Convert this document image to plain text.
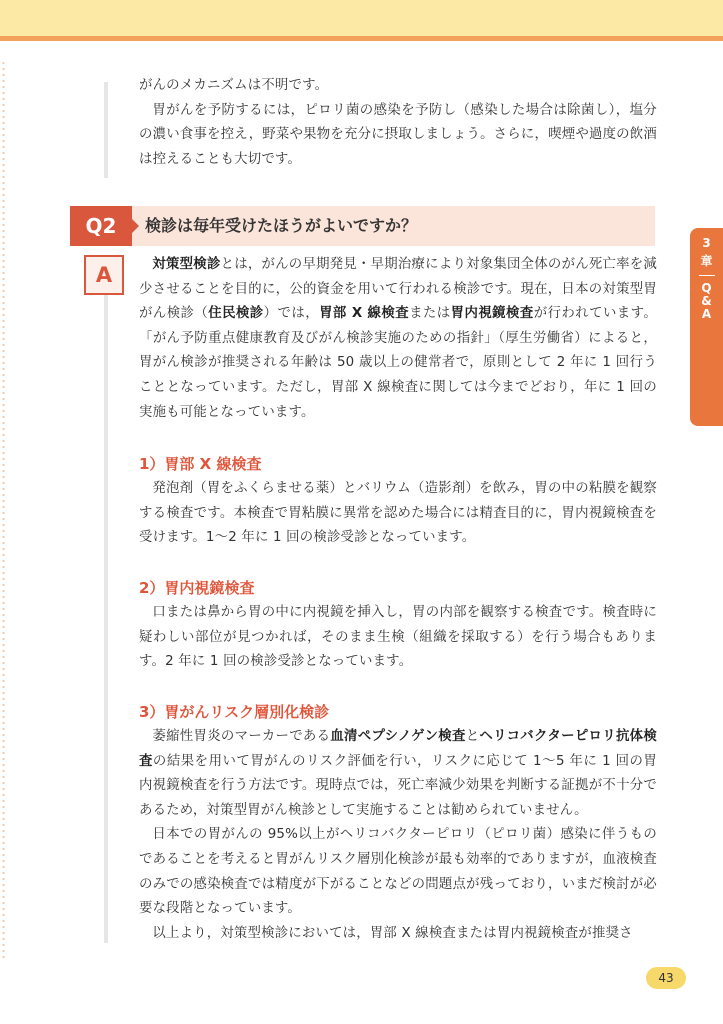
がんのメカニズムは不明です。

胃がんを予防するには，ピロリ菌の感染を予防し（感染した場合は除菌し），塩分の濃い食事を控え，野菜や果物を充分に摂取しましょう。さらに，喫煙や過度の飲酒は控えることも大切です。

Q2	検診は毎年受けたほうがよいですか？
A	対策型検診とは，がんの早期発見・早期治療により対象集団全体のがん死亡率を減少させることを目的に，公的資金を用いて行われる検診です。現在，日本の対策型胃がん検診（住民検診）では，胃部 X 線検査または胃内視鏡検査が行われています。「がん予防重点健康教育及びがん検診実施のための指針」（厚生労働省）によると，胃がん検診が推奨される年齢は 50 歳以上の健常者で，原則として 2 年に 1 回行うこととなっています。ただし，胃部 X 線検査に関しては今までどおり，年に 1 回の実施も可能となっています。

1）胃部 X 線検査

発泡剤（胃をふくらませる薬）とバリウム（造影剤）を飲み，胃の中の粘膜を観察する検査です。本検査で胃粘膜に異常を認めた場合には精査目的に，胃内視鏡検査を受けます。1〜2 年に 1 回の検診受診となっています。

2）胃内視鏡検査

口または鼻から胃の中に内視鏡を挿入し，胃の内部を観察する検査です。検査時に疑わしい部位が見つかれば，そのまま生検（組織を採取する）を行う場合もあります。2 年に 1 回の検診受診となっています。

3）胃がんリスク層別化検診

萎縮性胃炎のマーカーである血清ペプシノゲン検査とヘリコバクターピロリ抗体検査の結果を用いて胃がんのリスク評価を行い，リスクに応じて 1〜5 年に 1 回の胃内視鏡検査を行う方法です。現時点では，死亡率減少効果を判断する証拠が不十分であるため，対策型胃がん検診として実施することは勧められていません。

日本での胃がんの 95%以上がヘリコバクターピロリ（ピロリ菌）感染に伴うものであることを考えると胃がんリスク層別化検診が最も効率的でありますが，血液検査のみでの感染検査では精度が下がることなどの問題点が残っており，いまだ検討が必要な段階となっています。

以上より，対策型検診においては，胃部 X 線検査または胃内視鏡検査が推奨さ

3
章
Q
&
A
43
